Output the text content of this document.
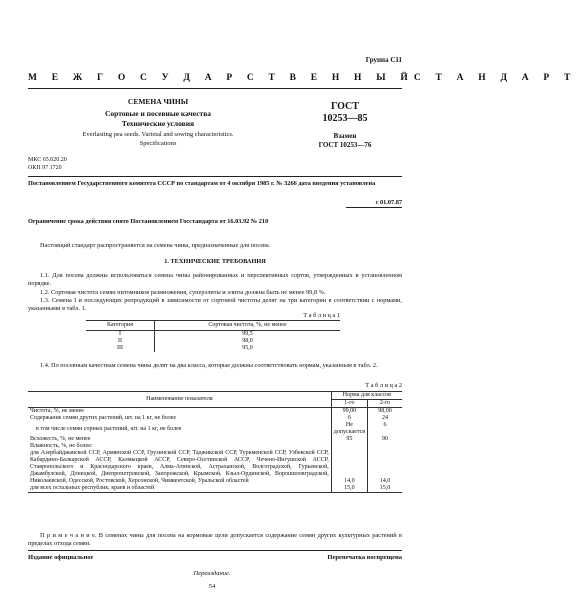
Группа С11
М Е Ж Г О С У Д А Р С Т В Е Н Н Ы Й С Т А Н Д А Р Т
СЕМЕНА ЧИНЫ
Сортовые и посевные качества
Технические условия
ГОСТ
10253—85
Взамен
ГОСТ 10253—76
Everlasting pea seeds. Varietal and sowing characteristics.
Specifications
МКС 65.020.20
ОКП 97 1720
Постановлением Государственного комитета СССР по стандартам от 4 октября 1985 г. № 3266 дата введения установлена
с 01.07.87
Ограничение срока действия снято Постановлением Госстандарта от 16.03.92 № 210
Настоящий стандарт распространяется на семена чины, предназначенные для посева.
1. ТЕХНИЧЕСКИЕ ТРЕБОВАНИЯ
1.1. Для посева должны использоваться семена чины районированных и перспективных сортов, утвержденных в установленном порядке.
1.2. Сортовая чистота семян питомников размножения, суперэлиты и элиты должна быть не менее 99,8 %.
1.3. Семена I и последующих репродукций в зависимости от сортовой чистоты делят на три категории в соответствии с нормами, указанными в табл. 1.
Т а б л и ц а 1
Категория	Сортовая чистота, %, не менее
I	99,5
II	98,0
III	95,0
1.4. По посевным качествам семена чины делят на два класса, которые должны соответствовать нормам, указанным в табл. 2.
Т а б л и ц а 2
Наименование показателя	Норма для классов	
	1-го	2-го
Чистота, %, не менее	99,00	98,00
Содержание семян других растений, шт. на 1 кг, не более	6	24
в том числе семян сорных растений, шт. на 1 кг, не более	Не допускается	6
Всхожесть, %, не менее	95	90
Влажность, %, не более:		
для Азербайджанской ССР, Армянской ССР, Грузинской ССР, Таджикской ССР, Туркменской ССР, Узбекской ССР, Кабардино-Балкарской АССР, Калмыцкой АССР, Северо-Осетинской АССР, Чечено-Ингушской АССР, Ставропольского и Краснодарского краев, Алма-Атинской, Астраханской, Волгоградской, Гурьевской, Джамбулской, Донецкой, Днепропетровской, Запорожской, Крымской, Кзыл-Ординской, Ворошиловградской, Николаевской, Одесской, Ростовской, Херсонской, Чимкентской, Уральской областей	14,0	14,0
для всех остальных республик, краев и областей	15,0	15,0
П р и м е ч а н и е. В семенах чины для посева на кормовые цели допускается содержание семян других культурных растений в пределах отхода семян.
Издание официальное	Перепечатка воспрещена
Переиздание.
54
